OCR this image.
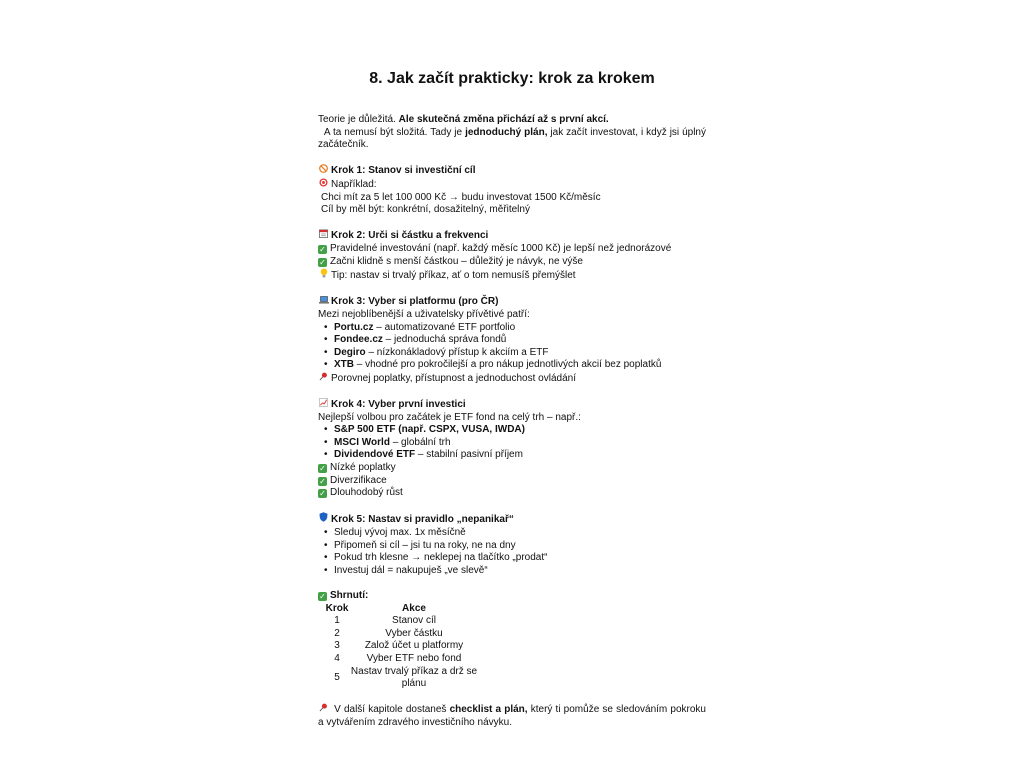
8. Jak začít prakticky: krok za krokem
Teorie je důležitá. Ale skutečná změna přichází až s první akcí.
A ta nemusí být složitá. Tady je jednoduchý plán, jak začít investovat, i když jsi úplný začátečník.
Krok 1: Stanov si investiční cíl
Například:
Chci mít za 5 let 100 000 Kč → budu investovat 1500 Kč/měsíc
Cíl by měl být: konkrétní, dosažitelný, měřitelný
Krok 2: Urči si částku a frekvenci
✓ Pravidelné investování (např. každý měsíc 1000 Kč) je lepší než jednorázové
✓ Začni klidně s menší částkou – důležitý je návyk, ne výše
Tip: nastav si trvalý příkaz, ať o tom nemusíš přemýšlet
Krok 3: Vyber si platformu (pro ČR)
Mezi nejoblíbenější a uživatelsky přívětivé patří:
• Portu.cz – automatizované ETF portfolio
• Fondee.cz – jednoduchá správa fondů
• Degiro – nízkonákladový přístup k akciím a ETF
• XTB – vhodné pro pokročilejší a pro nákup jednotlivých akcií bez poplatků
Porovnej poplatky, přístupnost a jednoduchost ovládání
Krok 4: Vyber první investici
Nejlepší volbou pro začátek je ETF fond na celý trh – např.:
• S&P 500 ETF (např. CSPX, VUSA, IWDA)
• MSCI World – globální trh
• Dividendové ETF – stabilní pasivní příjem
✓ Nízké poplatky
✓ Diverzifikace
✓ Dlouhodobý růst
Krok 5: Nastav si pravidlo „nepanikař“
• Sleduj vývoj max. 1x měsíčně
• Připomeň si cíl – jsi tu na roky, ne na dny
• Pokud trh klesne → neklepej na tlačítko „prodat“
• Investuj dál = nakupuješ „ve slevě“
✓ Shrnutí:
Krok	Akce
1	Stanov cíl
2	Vyber částku
3	Založ účet u platformy
4	Vyber ETF nebo fond
5	Nastav trvalý příkaz a drž se plánu
V další kapitole dostaneš checklist a plán, který ti pomůže se sledováním pokroku a vytvářením zdravého investičního návyku.
